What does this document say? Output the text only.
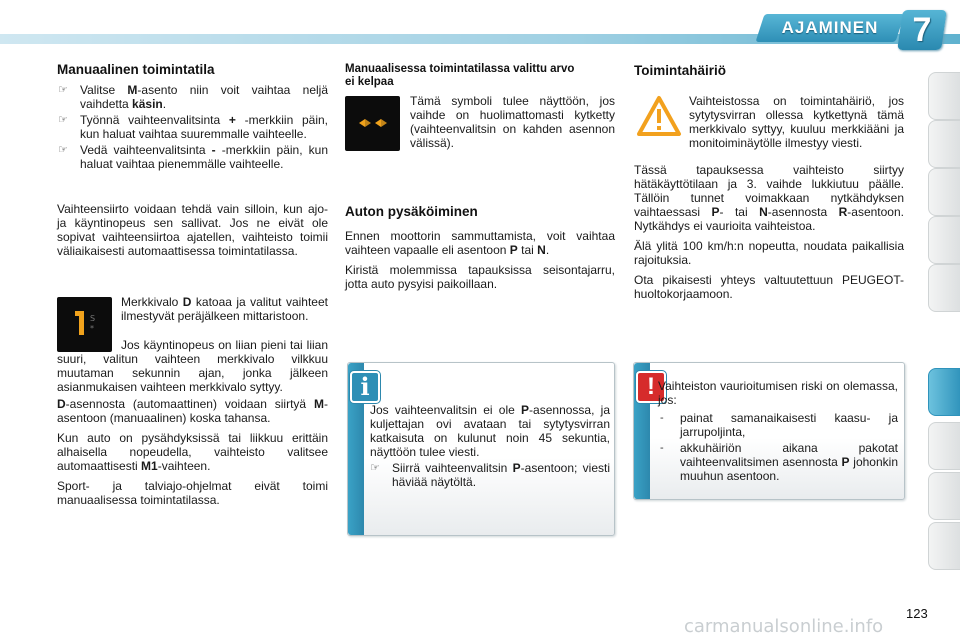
AJAMINEN	7
Manuaalinen toimintatila
☞ Valitse M-asento niin voit vaihtaa neljä vaihdetta käsin.
☞ Työnnä vaihteenvalitsinta + -merkkiin päin, kun haluat vaihtaa suuremmalle vaihteelle.
☞ Vedä vaihteenvalitsinta - -merkkiin päin, kun haluat vaihtaa pienemmälle vaihteelle.

Vaihteensiirto voidaan tehdä vain silloin, kun ajo- ja käyntinopeus sen sallivat. Jos ne eivät ole sopivat vaihteensiirtoa ajatellen, vaihteisto toimii väliaikaisesti automaattisessa toimintatilassa.

S
*

Merkkivalo D katoaa ja valitut vaihteet ilmestyvät peräjälkeen mittaristoon.

Jos käyntinopeus on liian pieni tai liian suuri, valitun vaihteen merkkivalo vilkkuu muutaman sekunnin ajan, jonka jälkeen asianmukaisen vaihteen merkkivalo syttyy.

D-asennosta (automaattinen) voidaan siirtyä M-asentoon (manuaalinen) koska tahansa.

Kun auto on pysähdyksissä tai liikkuu erittäin alhaisella nopeudella, vaihteisto valitsee automaattisesti M1-vaihteen.

Sport- ja talviajo-ohjelmat eivät toimi manuaalisessa toimintatilassa.

Manuaalisessa toimintatilassa valittu arvo ei kelpaa

Tämä symboli tulee näyttöön, jos vaihde on huolimattomasti kytketty (vaihteenvalitsin on kahden asennon välissä).

Auton pysäköiminen

Ennen moottorin sammuttamista, voit vaihtaa vaihteen vapaalle eli asentoon P tai N.

Kiristä molemmissa tapauksissa seisontajarru, jotta auto pysyisi paikoillaan.

i

Jos vaihteenvalitsin ei ole P-asennossa, ja kuljettajan ovi avataan tai sytytysvirran katkaisuta on kulunut noin 45 sekuntia, näyttöön tulee viesti.

☞ Siirrä vaihteenvalitsin P-asentoon; viesti häviää näytöltä.
Toimintahäiriö

Vaihteistossa on toimintahäiriö, jos sytytysvirran ollessa kytkettynä tämä merkkivalo syttyy, kuuluu merkkiääni ja monitoiminäytölle ilmestyy viesti.

Tässä tapauksessa vaihteisto siirtyy hätäkäyttötilaan ja 3. vaihde lukkiutuu päälle. Tällöin tunnet voimakkaan nytkähdyksen vaihtaessasi P- tai N-asennosta R-asentoon. Nytkähdys ei vaurioita vaihteistoa.

Älä ylitä 100 km/h:n nopeutta, noudata paikallisia rajoituksia.

Ota pikaisesti yhteys valtuutettuun PEUGEOT-huoltokorjaamoon.

! Vaihteiston vaurioitumisen riski on olemassa, jos:

- painat samanaikaisesti kaasu- ja jarrupoljinta,
- akkuhäiriön aikana pakotat vaihteenvalitsimen asennosta P johonkin muuhun asentoon.
123
carmanualsonline.info
